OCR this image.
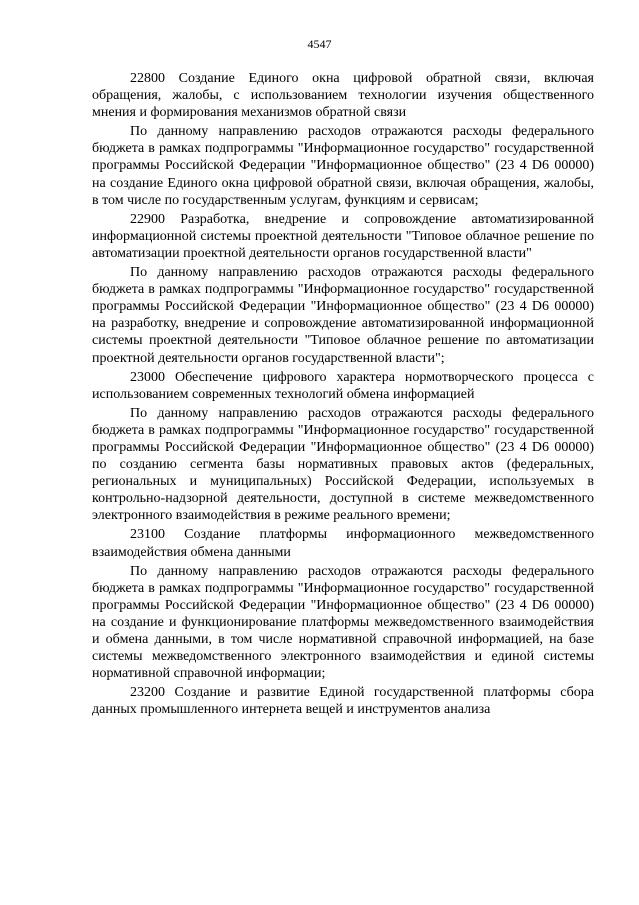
4547

22800 Создание Единого окна цифровой обратной связи, включая обращения, жалобы, с использованием технологии изучения общественного мнения и формирования механизмов обратной связи

По данному направлению расходов отражаются расходы федерального бюджета в рамках подпрограммы "Информационное государство" государственной программы Российской Федерации "Информационное общество" (23 4 D6 00000) на создание Единого окна цифровой обратной связи, включая обращения, жалобы, в том числе по государственным услугам, функциям и сервисам;

22900 Разработка, внедрение и сопровождение автоматизированной информационной системы проектной деятельности "Типовое облачное решение по автоматизации проектной деятельности органов государственной власти"

По данному направлению расходов отражаются расходы федерального бюджета в рамках подпрограммы "Информационное государство" государственной программы Российской Федерации "Информационное общество" (23 4 D6 00000) на разработку, внедрение и сопровождение автоматизированной информационной системы проектной деятельности "Типовое облачное решение по автоматизации проектной деятельности органов государственной власти";

23000 Обеспечение цифрового характера нормотворческого процесса с использованием современных технологий обмена информацией

По данному направлению расходов отражаются расходы федерального бюджета в рамках подпрограммы "Информационное государство" государственной программы Российской Федерации "Информационное общество" (23 4 D6 00000) по созданию сегмента базы нормативных правовых актов (федеральных, региональных и муниципальных) Российской Федерации, используемых в контрольно-надзорной деятельности, доступной в системе межведомственного электронного взаимодействия в режиме реального времени;

23100 Создание платформы информационного межведомственного взаимодействия обмена данными

По данному направлению расходов отражаются расходы федерального бюджета в рамках подпрограммы "Информационное государство" государственной программы Российской Федерации "Информационное общество" (23 4 D6 00000) на создание и функционирование платформы межведомственного взаимодействия и обмена данными, в том числе нормативной справочной информацией, на базе системы межведомственного электронного взаимодействия и единой системы нормативной справочной информации;

23200 Создание и развитие Единой государственной платформы сбора данных промышленного интернета вещей и инструментов анализа
